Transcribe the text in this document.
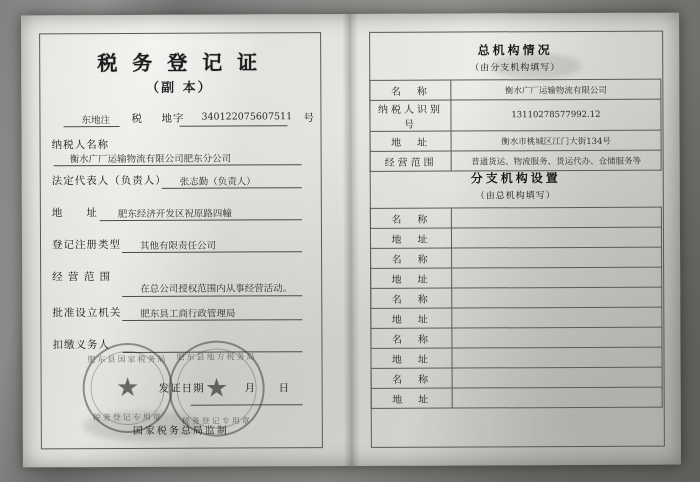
税 务 登 记 证
（副 本）
东地注 税 地字 340122075607511 号
纳税人名称
衡水广厂运输物流有限公司肥东分公司
法定代表人（负责人） 张志勤（负责人）
地　　址 肥东经济开发区祝原路四幢
登记注册类型 其他有限责任公司
经 营 范 围
在总公司授权范围内从事经营活动。
批准设立机关 肥东县工商行政管理局
扣缴义务人
发证日期	月 日
肥东县国家税务局
★
税务登记专用章
肥东县地方税务局
★
税务登记专用章
国家税务总局监制
总机构情况
（由分支机构填写）
名　称	衡水广厂运输物流有限公司
纳税人识别号	13110278577992.12
地　址	衡水市桃城区江门大街134号
经营范围	普通货运、物流服务、货运代办、仓储服务等
分支机构设置
（由总机构填写）
名　称	
地　址	
名　称	
地　址	
名　称	
地　址	
名　称	
地　址	
名　称	
地　址	
